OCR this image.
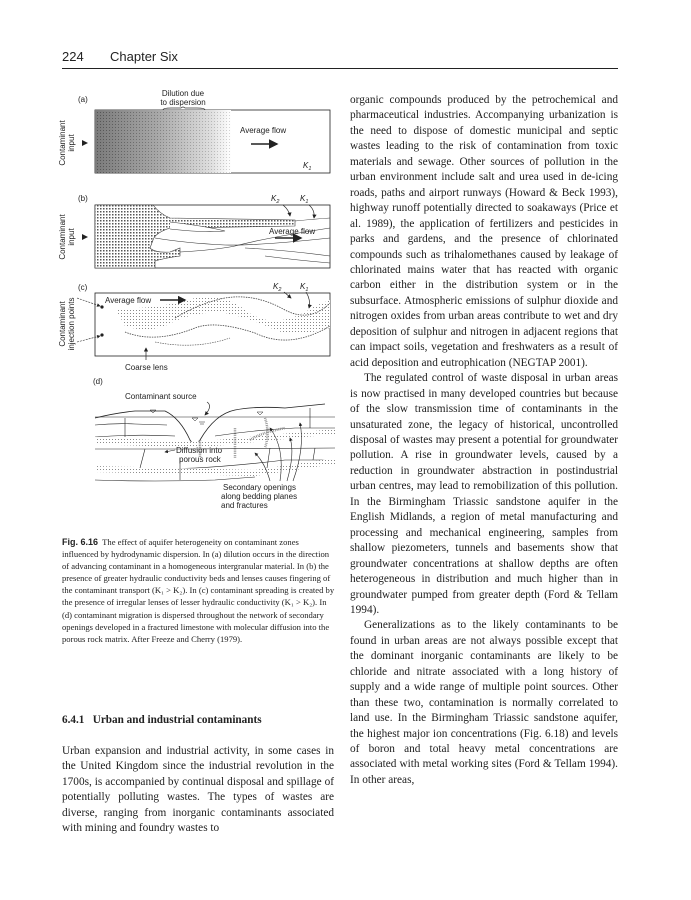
224 Chapter Six
(a)
Dilution due
to dispersion
Average flow
$K_1$
Contaminant input
(b)	$K_2$	$K_1$
Average flow
Contaminant input
(c)
Average flow
$K_2$ $K_1$
Coarse lens
Contaminant injection points
(d)
Contaminant source
Diffusion into
porous rock
Secondary openings
along bedding planes
and fractures
Fig. 6.16 The effect of aquifer heterogeneity on contaminant zones influenced by hydrodynamic dispersion. In (a) dilution occurs in the direction of advancing contaminant in a homogeneous intergranular material. In (b) the presence of greater hydraulic conductivity beds and lenses causes fingering of the contaminant transport (K₁ > K₂). In (c) contaminant spreading is created by the presence of irregular lenses of lesser hydraulic conductivity (K₁ > K₂). In (d) contaminant migration is dispersed throughout the network of secondary openings developed in a fractured limestone with molecular diffusion into the porous rock matrix. After Freeze and Cherry (1979).
6.4.1  Urban and industrial contaminants

Urban expansion and industrial activity, in some cases in the United Kingdom since the industrial revolution in the 1700s, is accompanied by continual disposal and spillage of potentially polluting wastes. The types of wastes are diverse, ranging from inorganic contaminants associated with mining and foundry wastes to

organic compounds produced by the petrochemical and pharmaceutical industries. Accompanying urbanization is the need to dispose of domestic municipal and septic wastes leading to the risk of contamination from toxic materials and sewage. Other sources of pollution in the urban environment include salt and urea used in de-icing roads, paths and airport runways (Howard & Beck 1993), highway runoff potentially directed to soakaways (Price et al. 1989), the application of fertilizers and pesticides in parks and gardens, and the presence of chlorinated compounds such as trihalomethanes caused by leakage of chlorinated mains water that has reacted with organic carbon either in the distribution system or in the subsurface. Atmospheric emissions of sulphur dioxide and nitrogen oxides from urban areas contribute to wet and dry deposition of sulphur and nitrogen in adjacent regions that can impact soils, vegetation and freshwaters as a result of acid deposition and eutrophication (NEGTAP 2001).

The regulated control of waste disposal in urban areas is now practised in many developed countries but because of the slow transmission time of contaminants in the unsaturated zone, the legacy of historical, uncontrolled disposal of wastes may present a potential for groundwater pollution. A rise in groundwater levels, caused by a reduction in groundwater abstraction in postindustrial urban centres, may lead to remobilization of this pollution. In the Birmingham Triassic sandstone aquifer in the English Midlands, a region of metal manufacturing and processing and mechanical engineering, samples from shallow piezometers, tunnels and basements show that groundwater concentrations at shallow depths are often heterogeneous in distribution and much higher than in groundwater pumped from greater depth (Ford & Tellam 1994).

Generalizations as to the likely contaminants to be found in urban areas are not always possible except that the dominant inorganic contaminants are likely to be chloride and nitrate associated with a long history of supply and a wide range of multiple point sources. Other than these two, contamination is normally correlated to land use. In the Birmingham Triassic sandstone aquifer, the highest major ion concentrations (Fig. 6.18) and levels of boron and total heavy metal concentrations are associated with metal working sites (Ford & Tellam 1994). In other areas,
